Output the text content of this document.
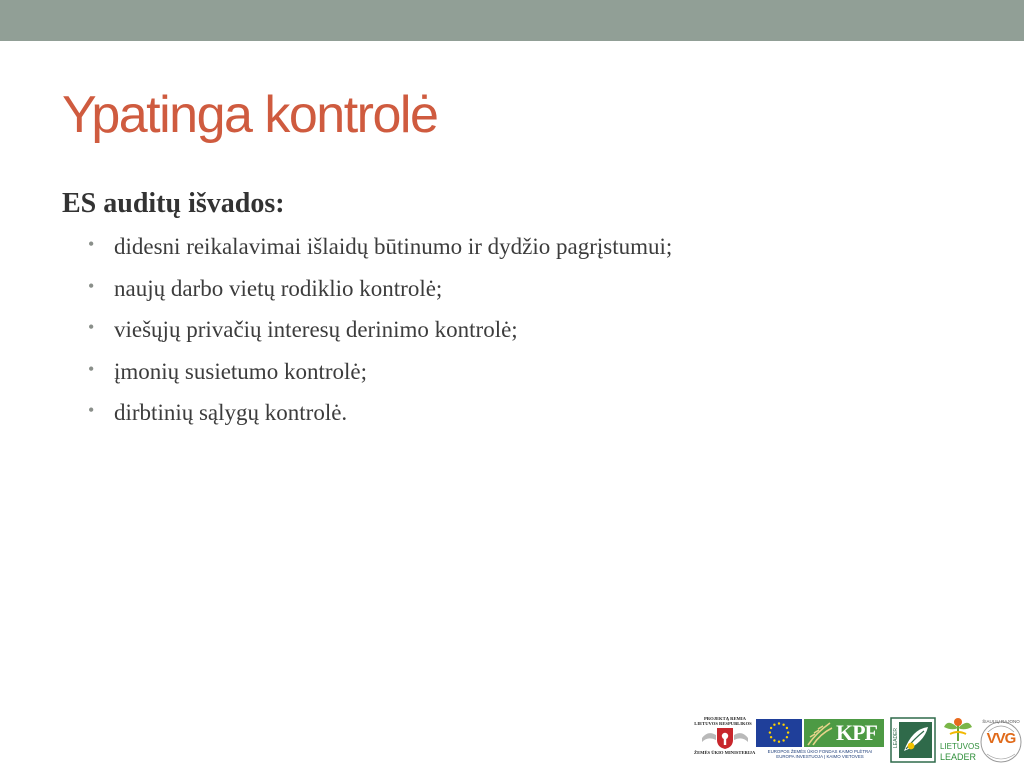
Ypatinga kontrolė

ES auditų išvados:

• didesni reikalavimai išlaidų būtinumo ir dydžio pagrįstumui;
• naujų darbo vietų rodiklio kontrolė;
• viešųjų privačių interesų derinimo kontrolė;
• įmonių susietumo kontrolė;
• dirbtinių sąlygų kontrolė.
PROJEKTĄ REMIA
LIETUVOS RESPUBLIKOS
ŽEMĖS ŪKIO MINISTERIJA
KPF
EUROPOS ŽEMĖS ŪKIO FONDAS KAIMO PLĖTRAI
EUROPA INVESTUOJA Į KAIMO VIETOVES
LEADER	LIETUVOS
LEADER
ŠIAULIŲ RAJONO
VVG
